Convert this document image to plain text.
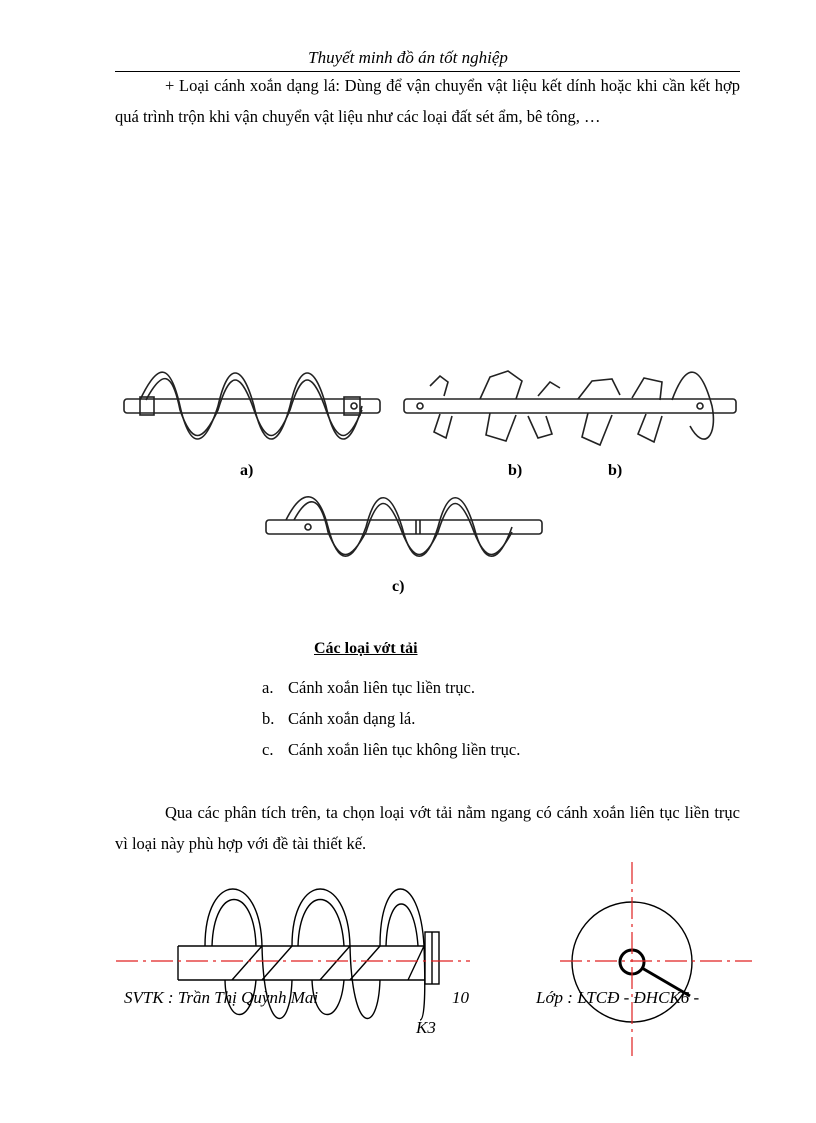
Thuyết minh đồ án tốt nghiệp
+ Loại cánh xoắn dạng lá: Dùng để vận chuyển vật liệu kết dính hoặc khi cần kết hợp quá trình trộn khi vận chuyển vật liệu như các loại đất sét ẩm, bê tông, …
a)	b)	b)
c)
Các loại vớt tải
a. Cánh xoắn liên tục liền trục.
b. Cánh xoắn dạng lá.
c. Cánh xoắn liên tục không liền trục.
Qua các phân tích trên, ta chọn loại vớt tải nằm ngang có cánh xoắn liên tục liền trục vì loại này phù hợp với đề tài thiết kế.
SVTK : Trần Thị Quỳnh Mai	10	Lớp : LTCĐ - ĐHCK6 -
K3
